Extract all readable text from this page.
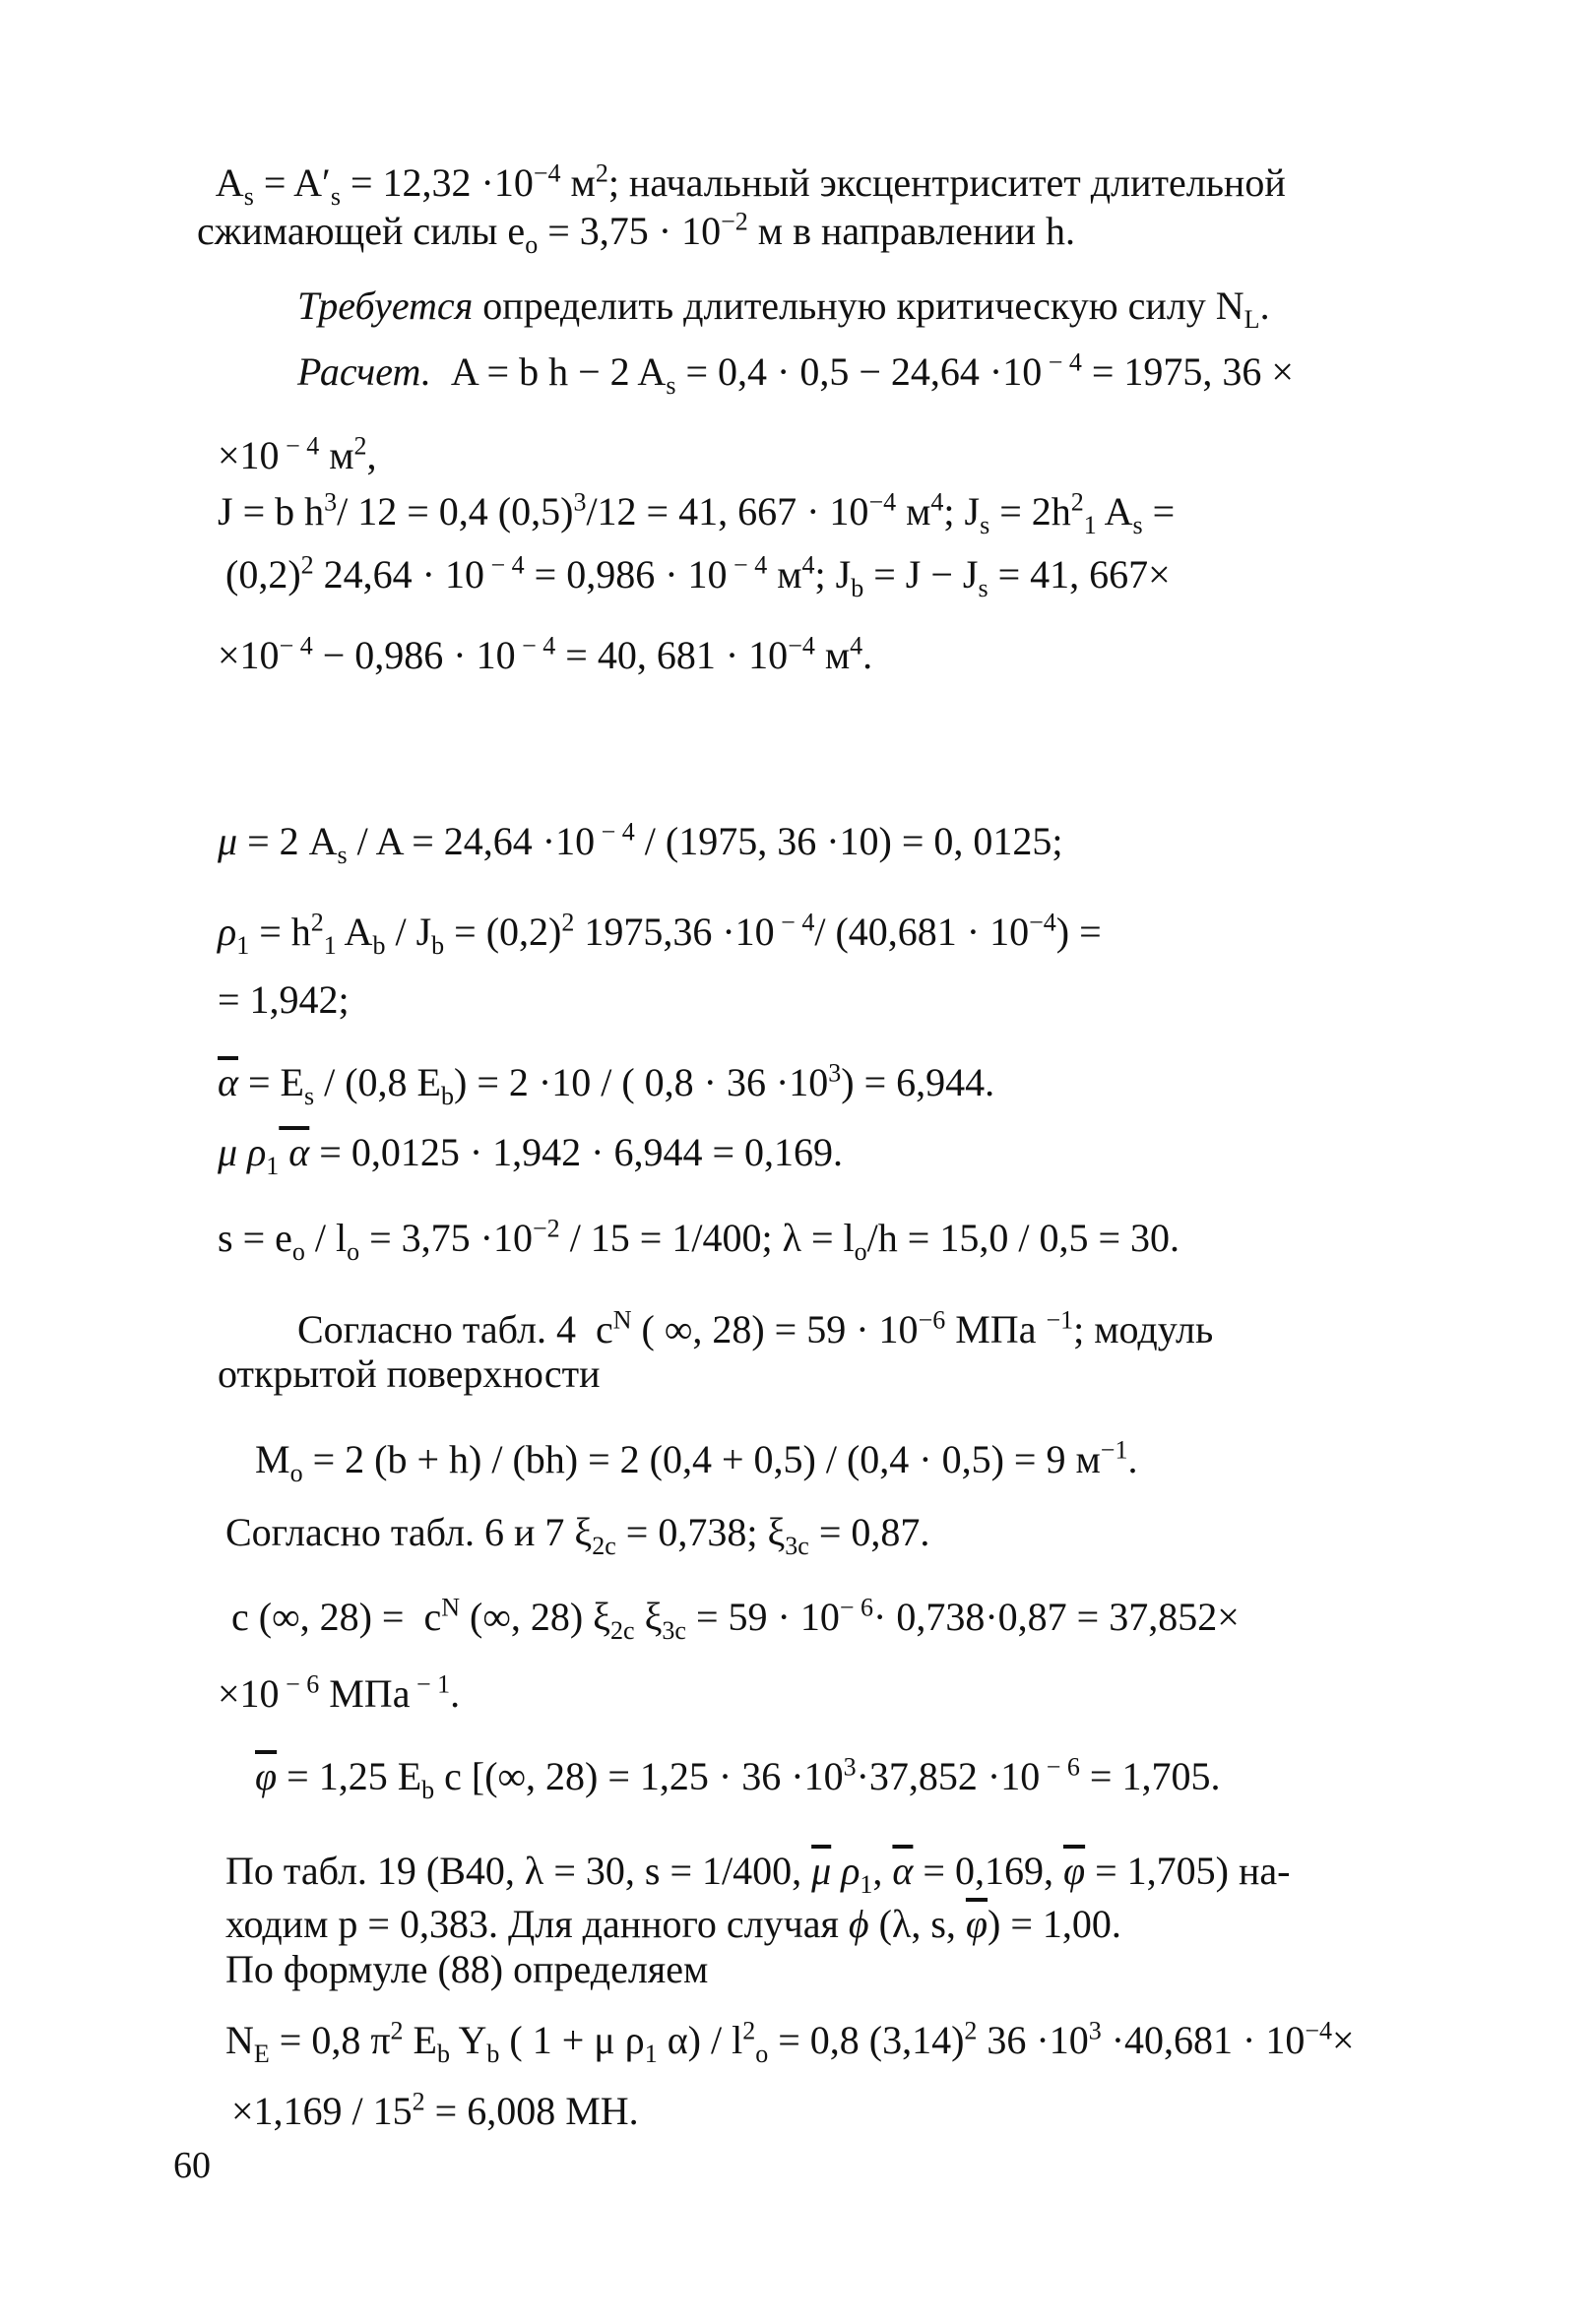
$A_s = A'_s = 12,32 \cdot 10^{-4}$ $м^2$; начальный эксцентриситет длительной

сжимающей силы $e_o = 3,75 \cdot 10^{-2}$ м в направлении h.

Требуется определить длительную критическую силу $N_L$.

Расчет.  A = b h − 2 $A_s = 0,4 \cdot 0,5 - 24,64 \cdot 10$ $^{- 4}$ = 1975, 36 ×

×10 $^{- 4}$ $м^2$,

J = b $h^3/$ 12 = 0,4 $(0,5)^3/12 = 41$, $667 \cdot 10^{-4}$ $м^4$; $J_s = 2h^2_1$ $A_s$ =

$(0,2)^2$ 24,64 · 10 $^{- 4}$ = 0,986 · 10 $^{- 4}$ $м^4$; $J_b = J - J_s = 41$, 667×

$\times 10^{- 4} - 0,986 \cdot 10$ $^{- 4}$ = 40, $681 \cdot 10^{-4}$ $м^4$.

μ = 2 $A_s / A = 24,64 \cdot 10$ $^{- 4}$ / (1975, 36 ·10) = 0, 0125;

$\rho_1 = h^2_1$ $A_b / J_b = (0,2)^2$ 1975,36 ·10 $^{- 4}$/ $(40,681 \cdot 10^{-4})$ =

= 1,942;

$\overline{\alpha} = E_s / (0,8$ $E_b) = 2 \cdot 10$ / ( $0,8 \cdot 36 \cdot 10^3) = 6,944$.

μ $\rho_1$ α = 0,0125 · 1,942 · 6,944 = 0,169.

$s = e_o / l_o = 3,75 \cdot 10^{-2} / 15 = 1/400$; $\lambda = l_o/h = 15,0 / 0,5 = 30$.

Согласно табл. 4  $c^N$ ( ∞, $28) = 59 \cdot 10^{-6}$ МПа $^{-1}$; модуль

открытой поверхности

$M_o = 2$ (b + h) / (bh) = 2 (0,4 + 0,5) / (0,4 · 0,5) = 9 $м^{-1}$.

Согласно табл. 6 и 7 $\xi_{2c} = 0,738$; $\xi_{3c} = 0,87$.

c (∞, $28) = c^N$ (∞, 28) $\xi_{2c}$ $\xi_{3c} = 59 \cdot 10^{- 6}\cdot 0,738\cdot 0,87 = 37,852\times$

×10 $^{- 6}$ МПа $^{- 1}$.

$\overline{\varphi} = 1,25$ $E_b$ c [(∞, $28) = 1,25 \cdot 36 \cdot 10^3\cdot 37,852 \cdot 10$ $^{- 6}$ = 1,705.

По табл. 19 (B40, λ = 30, s = 1/400, $\overline{\mu}$ $\rho_1$, $\overline{\alpha} = 0,169$, $\overline{\varphi} = 1,705$) на-

ходим p = 0,383. Для данного случая ϕ (λ, s, $\overline{\varphi}) = 1,00$.

По формуле (88) определяем

$N_E = 0,8$ $\pi^2$ $E_b$ $Y_b$ ( 1 + μ $\rho_1$ $\alpha) / l^2_o = 0,8$ $(3,14)^2$ $36 \cdot 10^3 \cdot 40,681 \cdot 10^{-4}\times$

$\times 1,169 / 15^2 = 6,008$ МН.

60
